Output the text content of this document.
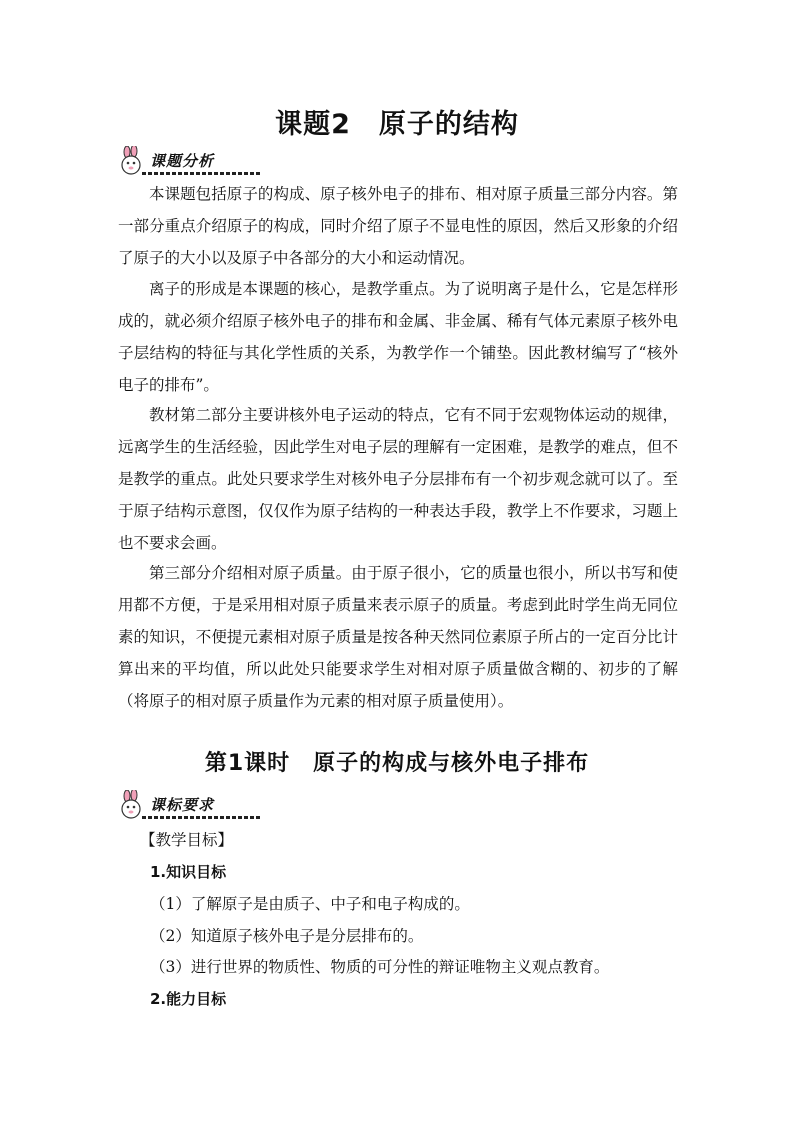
课题2　原子的结构
课题分析

本课题包括原子的构成、原子核外电子的排布、相对原子质量三部分内容。第一部分重点介绍原子的构成，同时介绍了原子不显电性的原因，然后又形象的介绍了原子的大小以及原子中各部分的大小和运动情况。

离子的形成是本课题的核心，是教学重点。为了说明离子是什么，它是怎样形成的，就必须介绍原子核外电子的排布和金属、非金属、稀有气体元素原子核外电子层结构的特征与其化学性质的关系，为教学作一个铺垫。因此教材编写了“核外电子的排布”。

教材第二部分主要讲核外电子运动的特点，它有不同于宏观物体运动的规律，远离学生的生活经验，因此学生对电子层的理解有一定困难，是教学的难点，但不是教学的重点。此处只要求学生对核外电子分层排布有一个初步观念就可以了。至于原子结构示意图，仅仅作为原子结构的一种表达手段，教学上不作要求，习题上也不要求会画。

第三部分介绍相对原子质量。由于原子很小，它的质量也很小，所以书写和使用都不方便，于是采用相对原子质量来表示原子的质量。考虑到此时学生尚无同位素的知识，不便提元素相对原子质量是按各种天然同位素原子所占的一定百分比计算出来的平均值，所以此处只能要求学生对相对原子质量做含糊的、初步的了解（将原子的相对原子质量作为元素的相对原子质量使用）。

第1课时　原子的构成与核外电子排布
课标要求

【教学目标】

1.知识目标

（1）了解原子是由质子、中子和电子构成的。

（2）知道原子核外电子是分层排布的。

（3）进行世界的物质性、物质的可分性的辩证唯物主义观点教育。

2.能力目标
